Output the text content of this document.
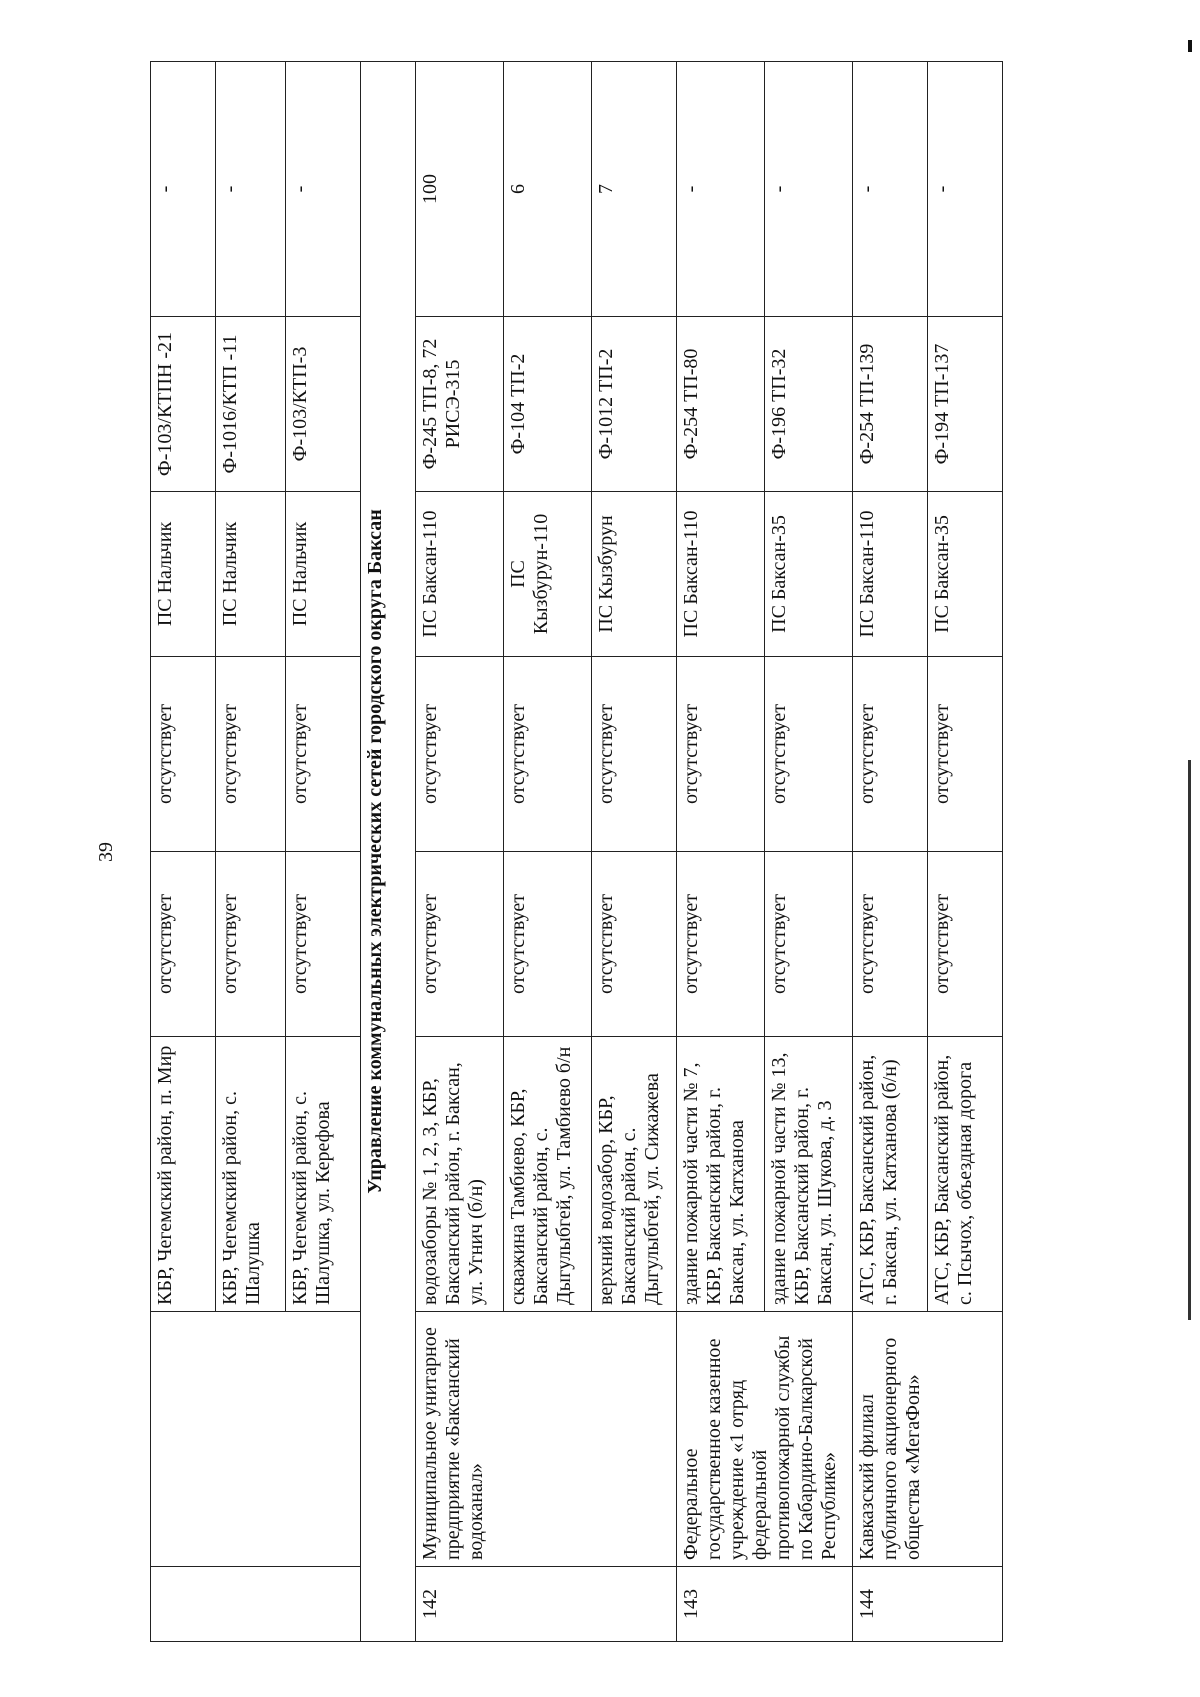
39
		КБР, Чегемский район, п. Мир	отсутствует	отсутствует	ПС Нальчик	Ф-103/КТПН -21	-
		КБР, Чегемский район, с. Шалушка	отсутствует	отсутствует	ПС Нальчик	Ф-1016/КТП -11	-
		КБР, Чегемский район, с. Шалушка, ул. Керефова	отсутствует	отсутствует	ПС Нальчик	Ф-103/КТП-3	-
Управление коммунальных электрических сетей городского округа Баксан							
142	Муниципальное унитарное предприятие «Баксанский водоканал»	водозаборы № 1, 2, 3, КБР, Баксанский район, г. Баксан, ул. Угнич (б/н)	отсутствует	отсутствует	ПС Баксан-110	Ф-245 ТП-8, 72 РИСЭ-315	100
		скважина Тамбиево, КБР, Баксанский район, с. Дыгулыбгей, ул. Тамбиево б/н	отсутствует	отсутствует	ПС Кызбурун-110	Ф-104 ТП-2	6
		верхний водозабор, КБР, Баксанский район, с. Дыгулыбгей, ул. Сижажева	отсутствует	отсутствует	ПС Кызбурун	Ф-1012 ТП-2	7
143	Федеральное государственное казенное учреждение «1 отряд федеральной противопожарной службы по Кабардино-Балкарской Республике»	здание пожарной части № 7, КБР, Баксанский район, г. Баксан, ул. Катханова	отсутствует	отсутствует	ПС Баксан-110	Ф-254 ТП-80	-
		здание пожарной части № 13, КБР, Баксанский район, г. Баксан, ул. Шукова, д. 3	отсутствует	отсутствует	ПС Баксан-35	Ф-196 ТП-32	-
144	Кавказский филиал публичного акционерного общества «МегаФон»	АТС, КБР, Баксанский район, г. Баксан, ул. Катханова (б/н)	отсутствует	отсутствует	ПС Баксан-110	Ф-254 ТП-139	-
		АТС, КБР, Баксанский район, с. Псычох, объездная дорога	отсутствует	отсутствует	ПС Баксан-35	Ф-194 ТП-137	-
